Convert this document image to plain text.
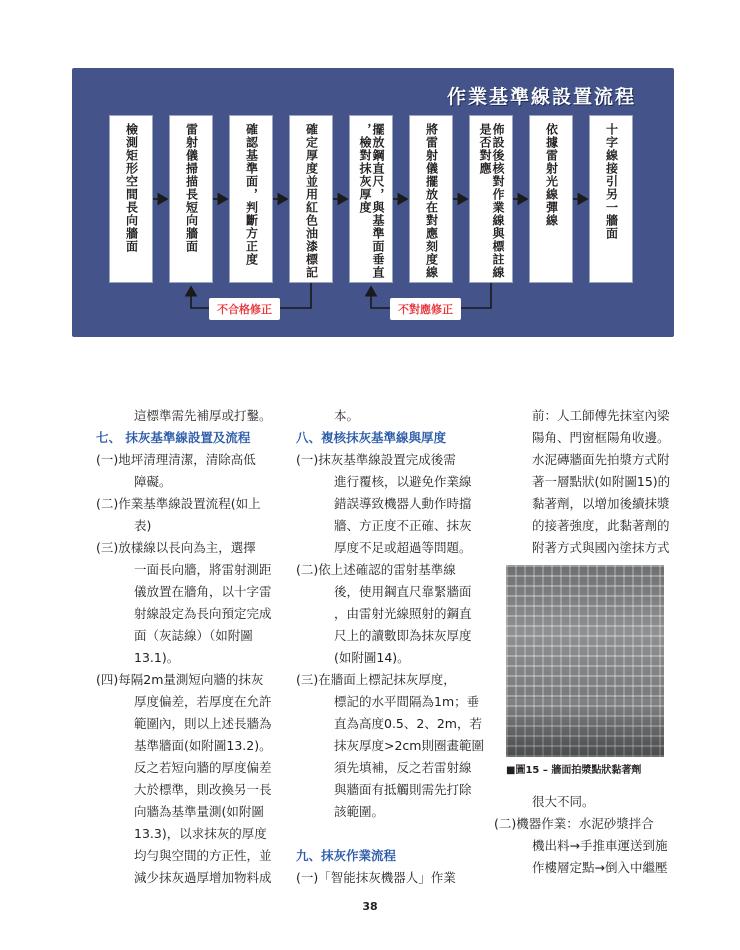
作業基準線設置流程
檢測矩形空間長向牆面	雷射儀掃描長短向牆面	確認基準面，判斷方正度	確定厚度並用紅色油漆標記	擺放鋼直尺，與基準面垂直
，檢對抹灰厚度	將雷射儀擺放在對應刻度線	佈設後核對作業線與標註線
是否對應	依據雷射光線彈線	十字線接引另一牆面
不合格修正	不對應修正

這標準需先補厚或打鑿。

七、 抹灰基準線設置及流程

(一)地坪清理清潔，清除高低

障礙。

(二)作業基準線設置流程(如上

表)

(三)放樣線以長向為主，選擇

一面長向牆，將雷射測距

儀放置在牆角，以十字雷

射線設定為長向預定完成

面（灰誌線）（如附圖

13.1)。

(四)每隔2m量測短向牆的抹灰

厚度偏差，若厚度在允許

範圍內，則以上述長牆為

基準牆面(如附圖13.2)。

反之若短向牆的厚度偏差

大於標準，則改換另一長

向牆為基準量測(如附圖

13.3)，以求抹灰的厚度

均勻與空間的方正性，並

減少抹灰過厚增加物料成

本。

八、複核抹灰基準線與厚度

(一)抹灰基準線設置完成後需

進行覆核，以避免作業線

錯誤導致機器人動作時擋

牆、方正度不正確、抹灰

厚度不足或超過等問題。

(二)依上述確認的雷射基準線

後，使用鋼直尺靠緊牆面

，由雷射光線照射的鋼直

尺上的讀數即為抹灰厚度

(如附圖14)。

(三)在牆面上標記抹灰厚度，

標記的水平間隔為1m；垂

直為高度0.5、2、2m，若

抹灰厚度>2cm則圈畫範圍

須先填補，反之若雷射線

與牆面有抵觸則需先打除

該範圍。

九、抹灰作業流程

(一)「智能抹灰機器人」作業

前：人工師傅先抹室內梁

陽角、門窗框陽角收邊。

水泥磚牆面先拍漿方式附

著一層點狀(如附圖15)的

黏著劑，以增加後續抹漿

的接著強度，此黏著劑的

附著方式與國內塗抹方式

■圖15 – 牆面拍漿點狀黏著劑

很大不同。

(二)機器作業：水泥砂漿拌合

機出料→手推車運送到施

作樓層定點→倒入中繼壓

38
